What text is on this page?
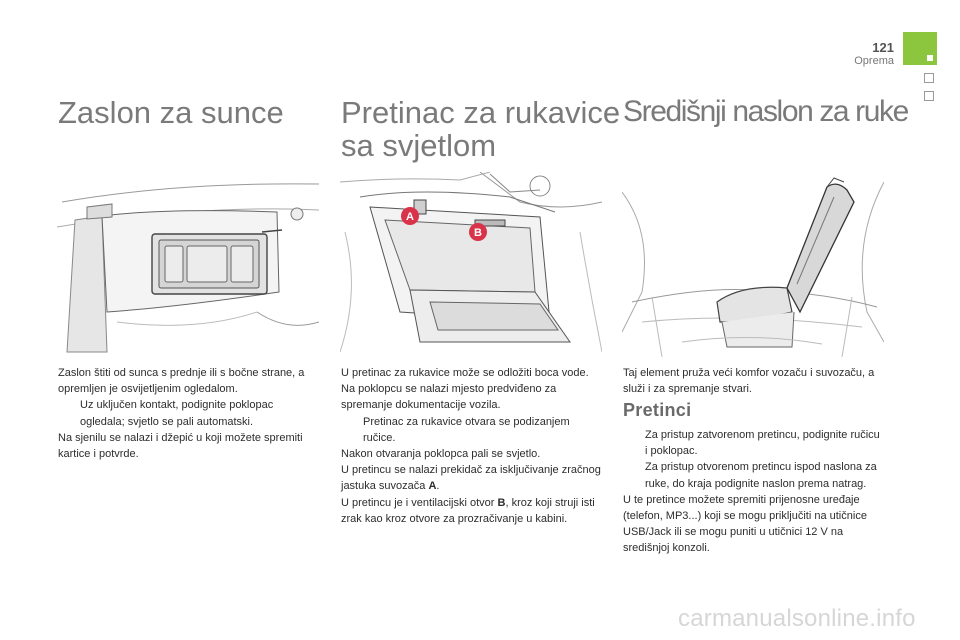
121
Oprema
Zaslon za sunce Pretinac za rukavice sa svjetlom
Središnji naslon za ruke
A
B
Zaslon štiti od sunca s prednje ili s bočne strane, a opremljen je osvijetljenim ogledalom.
Uz uključen kontakt, podignite poklopac ogledala; svjetlo se pali automatski.
Na sjenilu se nalazi i džepić u koji možete spremiti kartice i potvrde.
U pretinac za rukavice može se odložiti boca vode.
Na poklopcu se nalazi mjesto predviđeno za spremanje dokumentacije vozila.
Pretinac za rukavice otvara se podizanjem ručice.
Nakon otvaranja poklopca pali se svjetlo.
U pretincu se nalazi prekidač za isključivanje zračnog jastuka suvozača A.
U pretincu je i ventilacijski otvor B, kroz koji struji isti zrak kao kroz otvore za prozračivanje u kabini.
Taj element pruža veći komfor vozaču i suvozaču, a služi i za spremanje stvari.
Pretinci
Za pristup zatvorenom pretincu, podignite ručicu i poklopac.
Za pristup otvorenom pretincu ispod naslona za ruke, do kraja podignite naslon prema natrag.
U te pretince možete spremiti prijenosne uređaje (telefon, MP3...) koji se mogu priključiti na utičnice USB/Jack ili se mogu puniti u utičnici 12 V na središnjoj konzoli.
carmanualsonline.info
